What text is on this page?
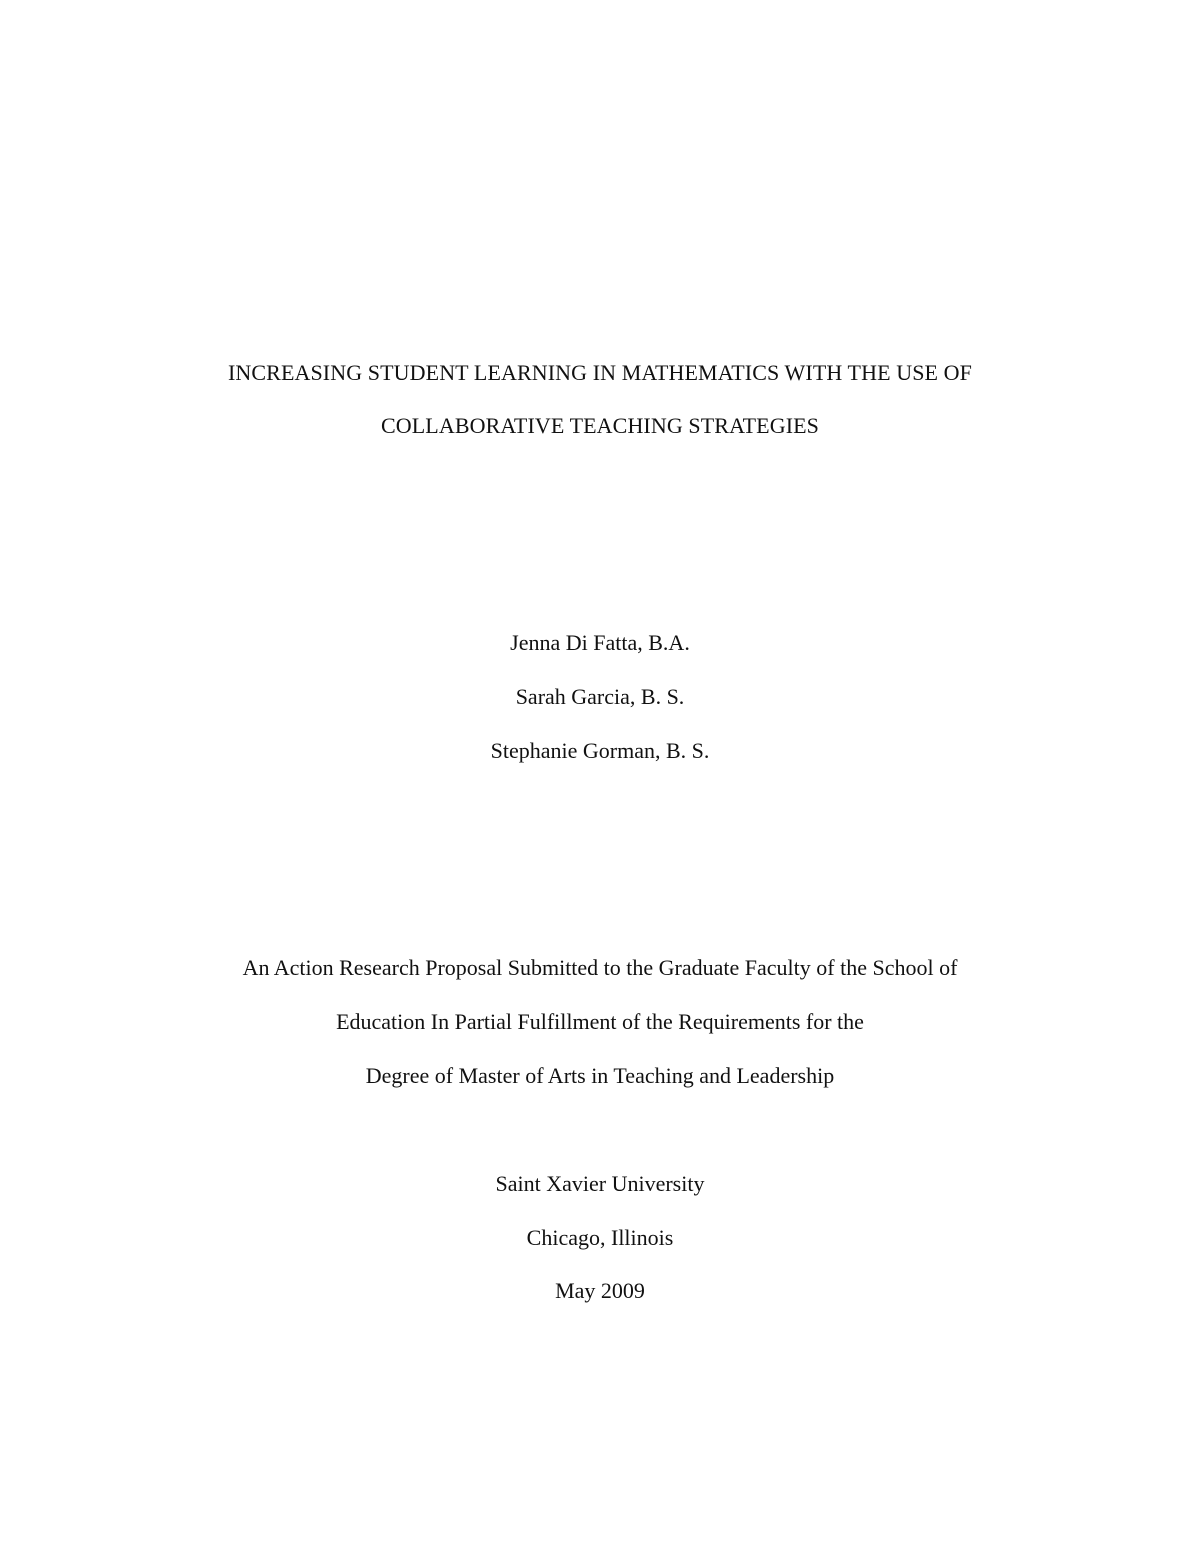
INCREASING STUDENT LEARNING IN MATHEMATICS WITH THE USE OF
COLLABORATIVE TEACHING STRATEGIES
Jenna Di Fatta, B.A.
Sarah Garcia, B. S.
Stephanie Gorman, B. S.
An Action Research Proposal Submitted to the Graduate Faculty of the School of
Education In Partial Fulfillment of the Requirements for the
Degree of Master of Arts in Teaching and Leadership
Saint Xavier University
Chicago, Illinois
May 2009
